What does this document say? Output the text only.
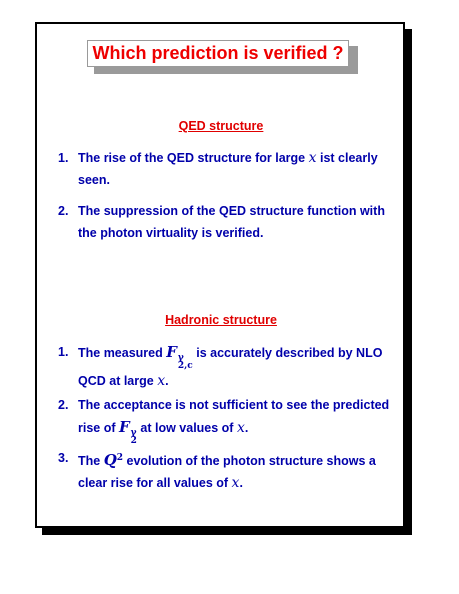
Which prediction is verified ?
QED structure
1. The rise of the QED structure for large x ist clearly seen.
2. The suppression of the QED structure function with the photon virtuality is verified.
Hadronic structure
1. The measured F γ
2,c
is accurately described by NLO QCD at large x.
2. The acceptance is not sufficient to see the predicted rise of F γ
2
at low values of x.
3. The $Q^2$ evolution of the photon structure shows a clear rise for all values of x.
